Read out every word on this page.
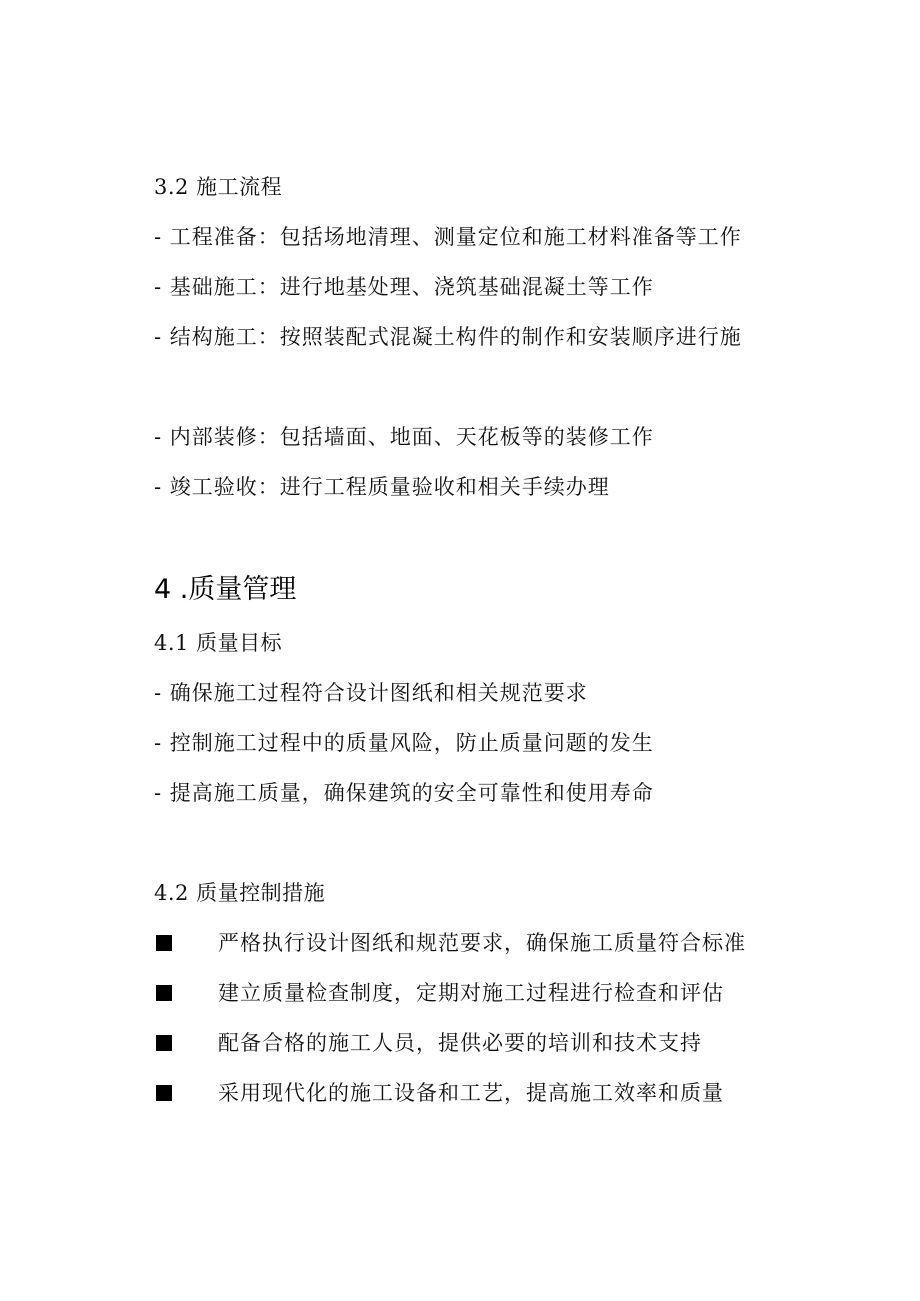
3.2 施工流程
- 工程准备：包括场地清理、测量定位和施工材料准备等工作
- 基础施工：进行地基处理、浇筑基础混凝土等工作
- 结构施工：按照装配式混凝土构件的制作和安装顺序进行施
- 内部装修：包括墙面、地面、天花板等的装修工作
- 竣工验收：进行工程质量验收和相关手续办理
4 .质量管理
4.1 质量目标
- 确保施工过程符合设计图纸和相关规范要求
- 控制施工过程中的质量风险，防止质量问题的发生
- 提高施工质量，确保建筑的安全可靠性和使用寿命
4.2 质量控制措施
严格执行设计图纸和规范要求，确保施工质量符合标准
建立质量检查制度，定期对施工过程进行检查和评估
配备合格的施工人员，提供必要的培训和技术支持
采用现代化的施工设备和工艺，提高施工效率和质量
